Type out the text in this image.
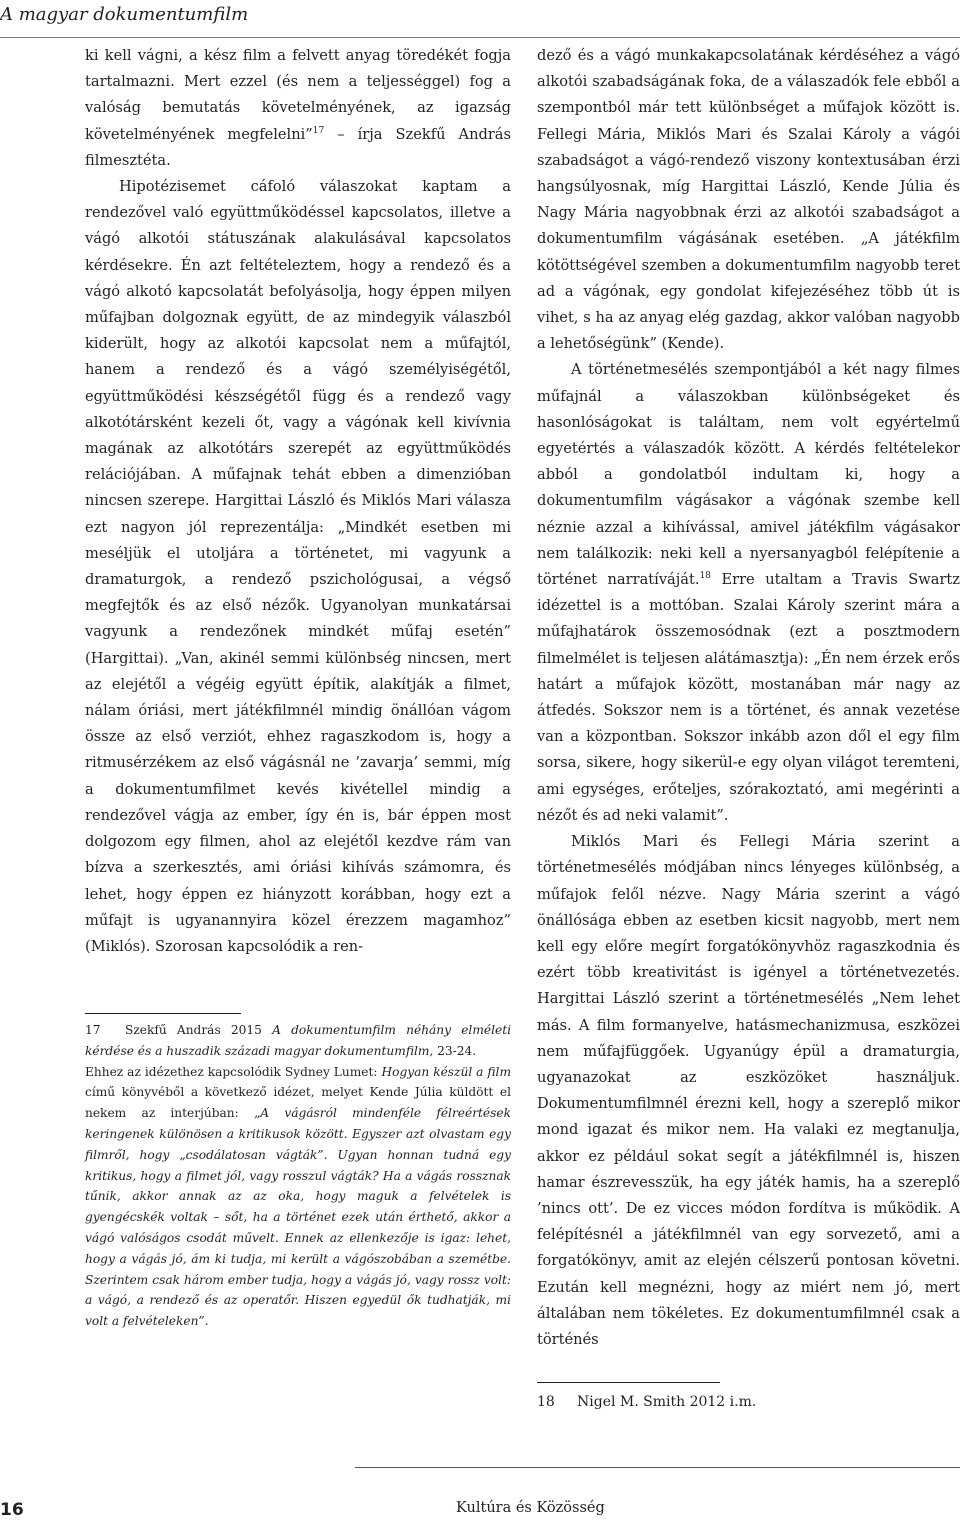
A magyar dokumentumfilm

ki kell vágni, a kész film a felvett anyag töredékét fogja tartalmazni. Mert ezzel (és nem a teljességgel) fog a valóság bemutatás követelményének, az igazság követelményének megfelelni”$^{17}$ – írja Szekfű András filmesztéta.

Hipotézisemet cáfoló válaszokat kaptam a rendezővel való együttműködéssel kapcsolatos, illetve a vágó alkotói státuszának alakulásával kapcsolatos kérdésekre. Én azt feltételeztem, hogy a rendező és a vágó alkotó kapcsolatát befolyásolja, hogy éppen milyen műfajban dolgoznak együtt, de az mindegyik válaszból kiderült, hogy az alkotói kapcsolat nem a műfajtól, hanem a rendező és a vágó személyiségétől, együttműködési készségétől függ és a rendező vagy alkotótársként kezeli őt, vagy a vágónak kell kivívnia magának az alkotótárs szerepét az együttműködés relációjában. A műfajnak tehát ebben a dimenzióban nincsen szerepe. Hargittai László és Miklós Mari válasza ezt nagyon jól reprezentálja: „Mindkét esetben mi meséljük el utoljára a történetet, mi vagyunk a dramaturgok, a rendező pszichológusai, a végső megfejtők és az első nézők. Ugyanolyan munkatársai vagyunk a rendezőnek mindkét műfaj esetén” (Hargittai). „Van, akinél semmi különbség nincsen, mert az elejétől a végéig együtt építik, alakítják a filmet, nálam óriási, mert játékfilmnél mindig önállóan vágom össze az első verziót, ehhez ragaszkodom is, hogy a ritmusérzékem az első vágásnál ne ’zavarja’ semmi, míg a dokumentumfilmet kevés kivétellel mindig a rendezővel vágja az ember, így én is, bár éppen most dolgozom egy filmen, ahol az elejétől kezdve rám van bízva a szerkesztés, ami óriási kihívás számomra, és lehet, hogy éppen ez hiányzott korábban, hogy ezt a műfajt is ugyanannyira közel érezzem magamhoz” (Miklós). Szorosan kapcsolódik a ren-

17 Szekfű András 2015 A dokumentumfilm néhány elméleti kérdése és a huszadik századi magyar dokumentumfilm, 23-24.

Ehhez az idézethez kapcsolódik Sydney Lumet: Hogyan készül a film című könyvéből a következő idézet, melyet Kende Júlia küldött el nekem az interjúban: „A vágásról mindenféle félreértések keringenek különösen a kritikusok között. Egyszer azt olvastam egy filmről, hogy „csodálatosan vágták”. Ugyan honnan tudná egy kritikus, hogy a filmet jól, vagy rosszul vágták? Ha a vágás rossznak tűnik, akkor annak az az oka, hogy maguk a felvételek is gyengécskék voltak – sőt, ha a történet ezek után érthető, akkor a vágó valóságos csodát művelt. Ennek az ellenkezője is igaz: lehet, hogy a vágás jó, ám ki tudja, mi került a vágószobában a szemétbe. Szerintem csak három ember tudja, hogy a vágás jó, vagy rossz volt: a vágó, a rendező és az operatőr. Hiszen egyedül ők tudhatják, mi volt a felvételeken”.

dező és a vágó munkakapcsolatának kérdéséhez a vágó alkotói szabadságának foka, de a válaszadók fele ebből a szempontból már tett különbséget a műfajok között is. Fellegi Mária, Miklós Mari és Szalai Károly a vágói szabadságot a vágó-rendező viszony kontextusában érzi hangsúlyosnak, míg Hargittai László, Kende Júlia és Nagy Mária nagyobbnak érzi az alkotói szabadságot a dokumentumfilm vágásának esetében. „A játékfilm kötöttségével szemben a dokumentumfilm nagyobb teret ad a vágónak, egy gondolat kifejezéséhez több út is vihet, s ha az anyag elég gazdag, akkor valóban nagyobb a lehetőségünk” (Kende).

A történetmesélés szempontjából a két nagy filmes műfajnál a válaszokban különbségeket és hasonlóságokat is találtam, nem volt egyértelmű egyetértés a válaszadók között. A kérdés feltételekor abból a gondolatból indultam ki, hogy a dokumentumfilm vágásakor a vágónak szembe kell néznie azzal a kihívással, amivel játékfilm vágásakor nem találkozik: neki kell a nyersanyagból felépítenie a történet narratíváját.$^{18}$ Erre utaltam a Travis Swartz idézettel is a mottóban. Szalai Károly szerint mára a műfajhatárok összemosódnak (ezt a posztmodern filmelmélet is teljesen alátámasztja): „Én nem érzek erős határt a műfajok között, mostanában már nagy az átfedés. Sokszor nem is a történet, és annak vezetése van a központban. Sokszor inkább azon dől el egy film sorsa, sikere, hogy sikerül-e egy olyan világot teremteni, ami egységes, erőteljes, szórakoztató, ami megérinti a nézőt és ad neki valamit”.

Miklós Mari és Fellegi Mária szerint a történetmesélés módjában nincs lényeges különbség, a műfajok felől nézve. Nagy Mária szerint a vágó önállósága ebben az esetben kicsit nagyobb, mert nem kell egy előre megírt forgatókönyvhöz ragaszkodnia és ezért több kreativitást is igényel a történetvezetés. Hargittai László szerint a történetmesélés „Nem lehet más. A film formanyelve, hatásmechanizmusa, eszközei nem műfajfüggőek. Ugyanúgy épül a dramaturgia, ugyanazokat az eszközöket használjuk. Dokumentumfilmnél érezni kell, hogy a szereplő mikor mond igazat és mikor nem. Ha valaki ez megtanulja, akkor ez például sokat segít a játékfilmnél is, hiszen hamar észrevesszük, ha egy játék hamis, ha a szereplő ’nincs ott’. De ez vicces módon fordítva is működik. A felépítésnél a játékfilmnél van egy sorvezető, ami a forgatókönyv, amit az elején célszerű pontosan követni. Ezután kell megnézni, hogy az miért nem jó, mert általában nem tökéletes. Ez dokumentumfilmnél csak a történés

18 Nigel M. Smith 2012 i.m.

16	Kultúra és Közösség
